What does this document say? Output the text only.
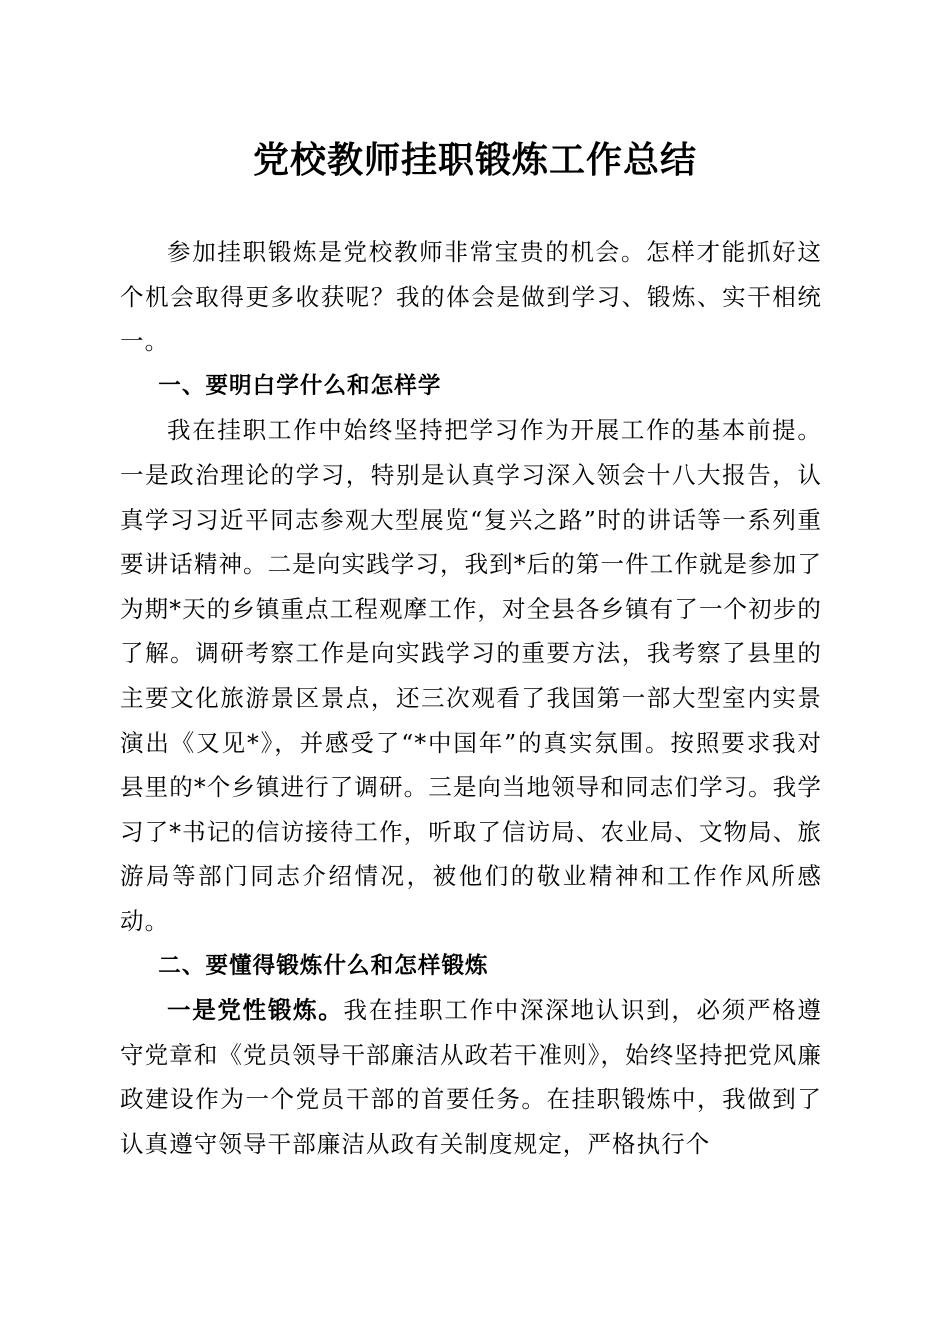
党校教师挂职锻炼工作总结

参加挂职锻炼是党校教师非常宝贵的机会。怎样才能抓好这个机会取得更多收获呢？我的体会是做到学习、锻炼、实干相统一。

一、要明白学什么和怎样学

我在挂职工作中始终坚持把学习作为开展工作的基本前提。一是政治理论的学习，特别是认真学习深入领会十八大报告，认真学习习近平同志参观大型展览“复兴之路”时的讲话等一系列重要讲话精神。二是向实践学习，我到*后的第一件工作就是参加了为期*天的乡镇重点工程观摩工作，对全县各乡镇有了一个初步的了解。调研考察工作是向实践学习的重要方法，我考察了县里的主要文化旅游景区景点，还三次观看了我国第一部大型室内实景演出《又见*》，并感受了“*中国年”的真实氛围。按照要求我对县里的*个乡镇进行了调研。三是向当地领导和同志们学习。我学习了*书记的信访接待工作，听取了信访局、农业局、文物局、旅游局等部门同志介绍情况，被他们的敬业精神和工作作风所感动。

二、要懂得锻炼什么和怎样锻炼

一是党性锻炼。我在挂职工作中深深地认识到，必须严格遵守党章和《党员领导干部廉洁从政若干准则》，始终坚持把党风廉政建设作为一个党员干部的首要任务。在挂职锻炼中，我做到了认真遵守领导干部廉洁从政有关制度规定，严格执行个
